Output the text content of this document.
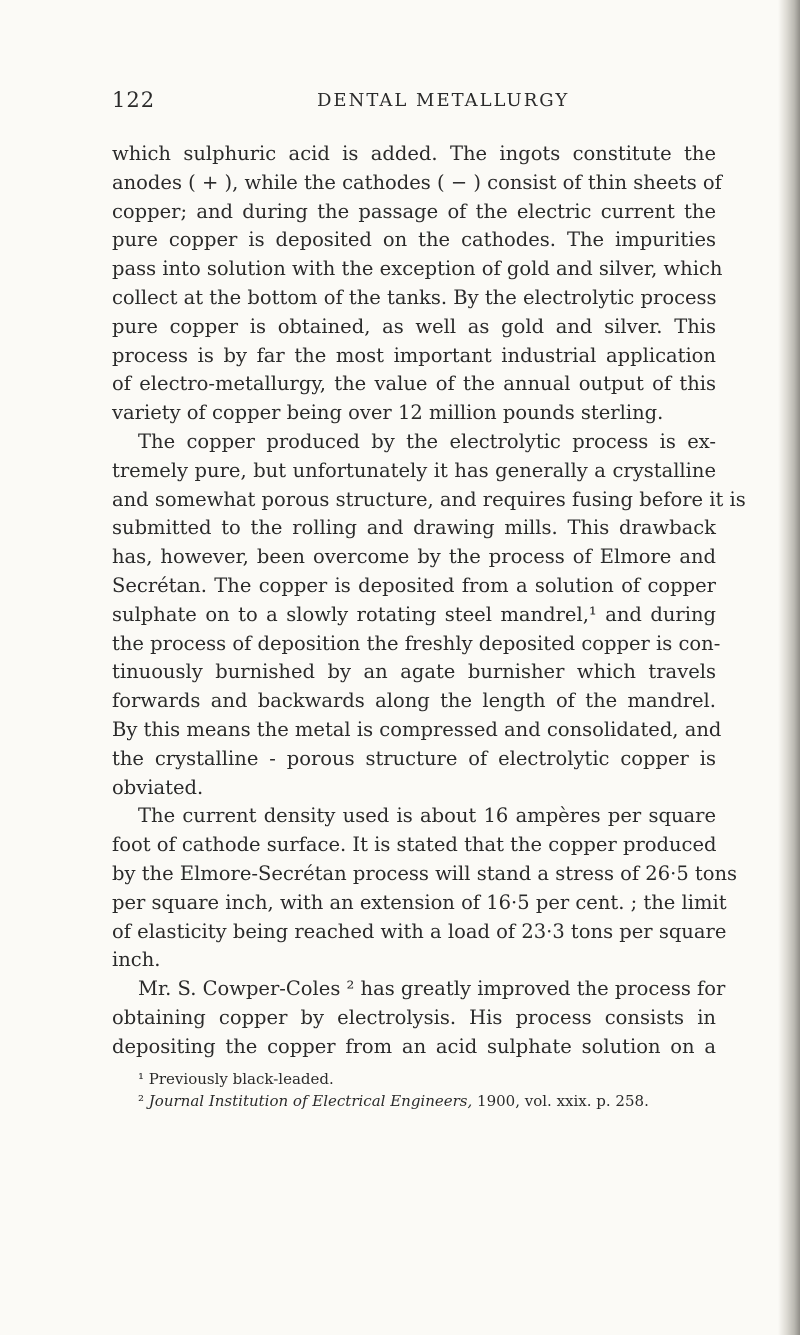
122	DENTAL METALLURGY
which sulphuric acid is added. The ingots constitute the
anodes ( + ), while the cathodes ( − ) consist of thin sheets of
copper; and during the passage of the electric current the
pure copper is deposited on the cathodes. The impurities
pass into solution with the exception of gold and silver, which
collect at the bottom of the tanks. By the electrolytic process
pure copper is obtained, as well as gold and silver. This
process is by far the most important industrial application
of electro-metallurgy, the value of the annual output of this
variety of copper being over 12 million pounds sterling.
The copper produced by the electrolytic process is ex-
tremely pure, but unfortunately it has generally a crystalline
and somewhat porous structure, and requires fusing before it is
submitted to the rolling and drawing mills. This drawback
has, however, been overcome by the process of Elmore and
Secrétan. The copper is deposited from a solution of copper
sulphate on to a slowly rotating steel mandrel,¹ and during
the process of deposition the freshly deposited copper is con-
tinuously burnished by an agate burnisher which travels
forwards and backwards along the length of the mandrel.
By this means the metal is compressed and consolidated, and
the crystalline - porous structure of electrolytic copper is
obviated.
The current density used is about 16 ampères per square
foot of cathode surface. It is stated that the copper produced
by the Elmore-Secrétan process will stand a stress of 26·5 tons
per square inch, with an extension of 16·5 per cent. ; the limit
of elasticity being reached with a load of 23·3 tons per square
inch.
Mr. S. Cowper-Coles ² has greatly improved the process for
obtaining copper by electrolysis. His process consists in
depositing the copper from an acid sulphate solution on a
¹ Previously black-leaded.
² Journal Institution of Electrical Engineers, 1900, vol. xxix. p. 258.
